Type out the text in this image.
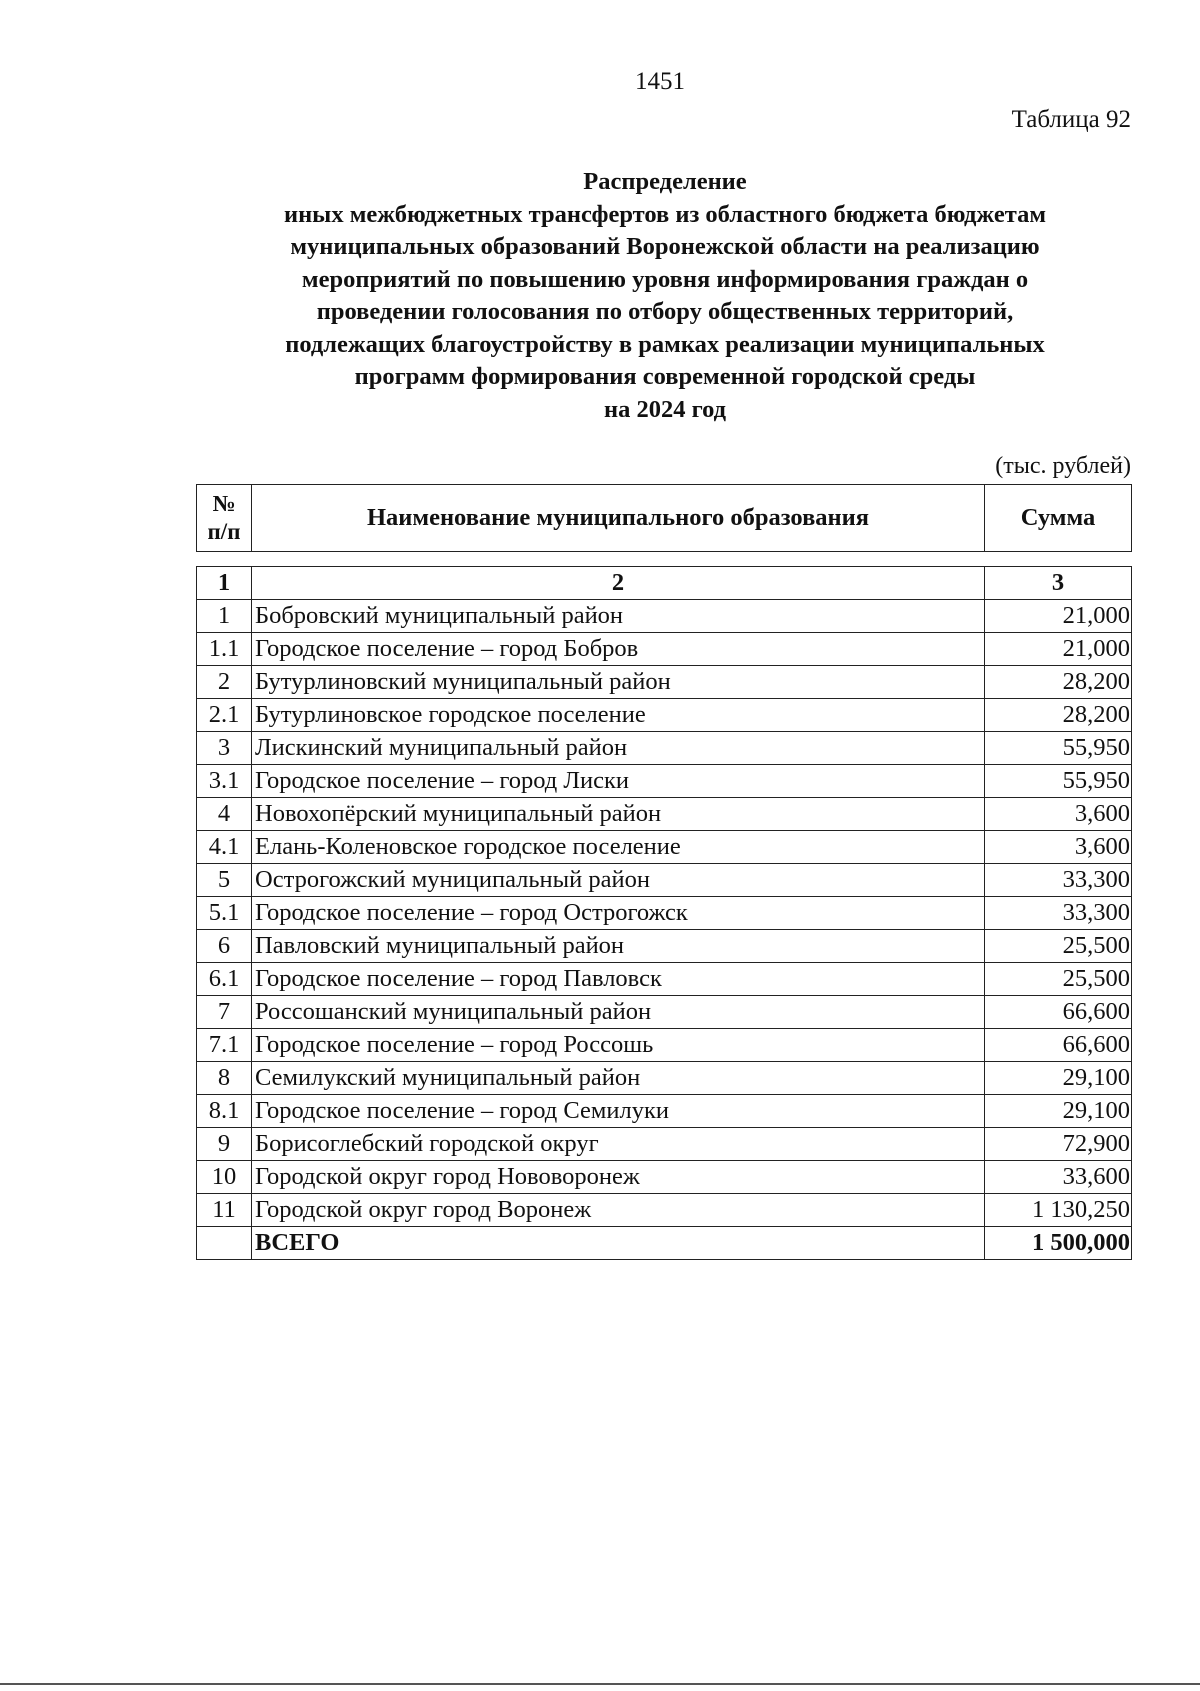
1451
Таблица 92
Распределение
иных межбюджетных трансфертов из областного бюджета бюджетам
муниципальных образований Воронежской области на реализацию
мероприятий по повышению уровня информирования граждан о
проведении голосования по отбору общественных территорий,
подлежащих благоустройству в рамках реализации муниципальных
программ формирования современной городской среды
на 2024 год
(тыс. рублей)
№
п/п
	Наименование муниципального образования	Сумма
1	2	3
1	Бобровский муниципальный район	21,000
1.1	Городское поселение – город Бобров	21,000
2	Бутурлиновский муниципальный район	28,200
2.1	Бутурлиновское городское поселение	28,200
3	Лискинский муниципальный район	55,950
3.1	Городское поселение – город Лиски	55,950
4	Новохопёрский муниципальный район	3,600
4.1	Елань-Коленовское городское поселение	3,600
5	Острогожский муниципальный район	33,300
5.1	Городское поселение – город Острогожск	33,300
6	Павловский муниципальный район	25,500
6.1	Городское поселение – город Павловск	25,500
7	Россошанский муниципальный район	66,600
7.1	Городское поселение – город Россошь	66,600
8	Семилукский муниципальный район	29,100
8.1	Городское поселение – город Семилуки	29,100
9	Борисоглебский городской округ	72,900
10	Городской округ город Нововоронеж	33,600
11	Городской округ город Воронеж	1 130,250
	ВСЕГО	1 500,000
